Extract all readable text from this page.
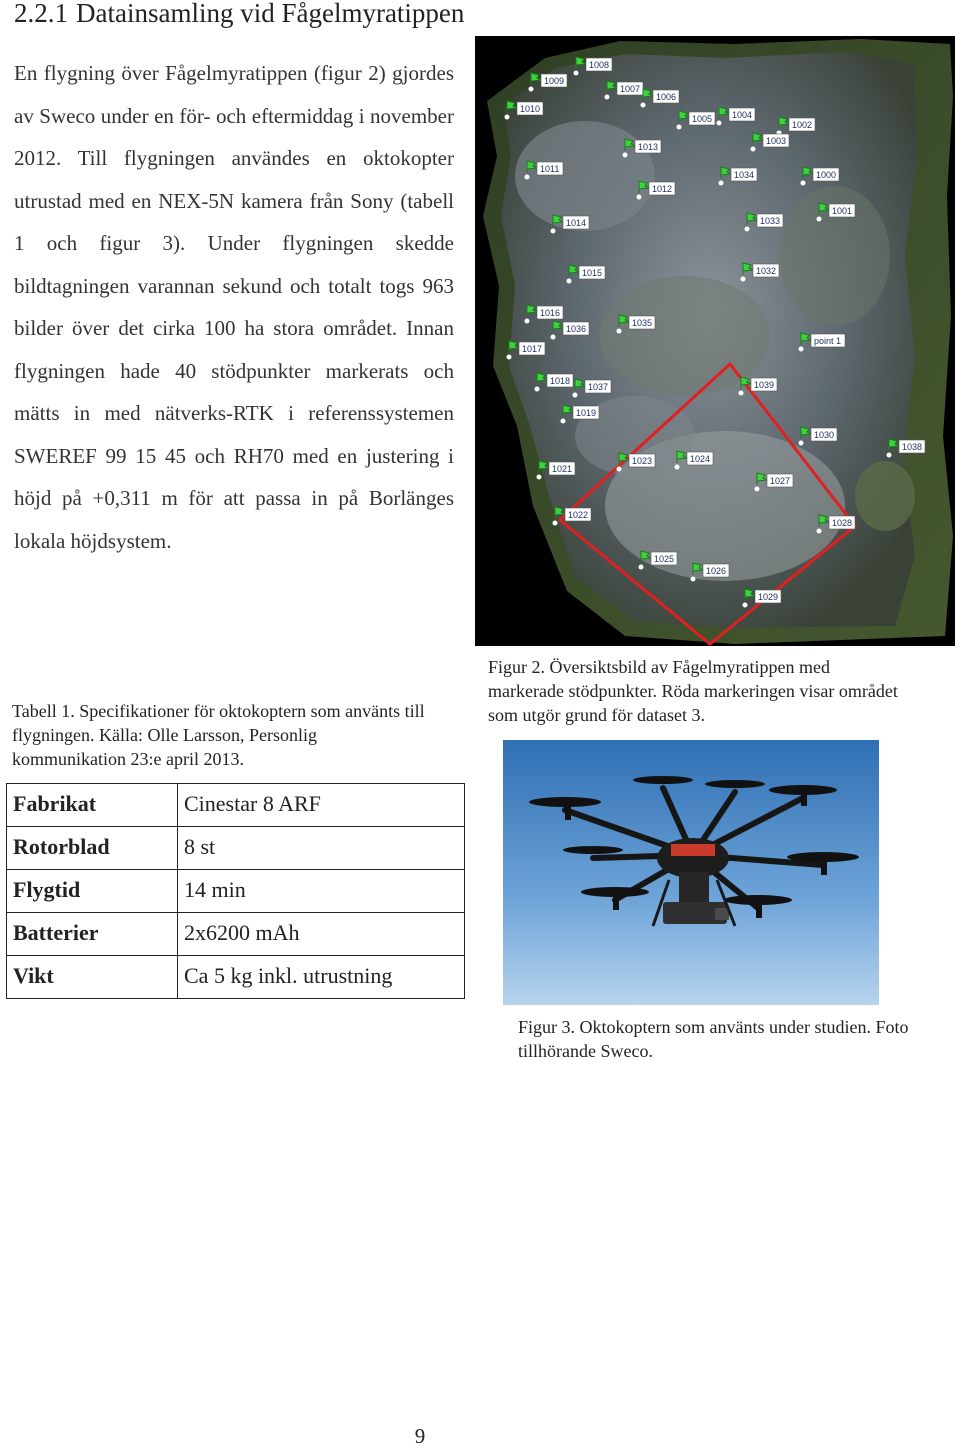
2.2.1 Datainsamling vid Fågelmyratippen

En flygning över Fågelmyratippen (figur 2) gjordes av Sweco under en för- och eftermiddag i november 2012. Till flygningen användes en oktokopter utrustad med en NEX-5N kamera från Sony (tabell 1 och figur 3). Under flygningen skedde bildtagningen varannan sekund och totalt togs 963 bilder över det cirka 100 ha stora området. Innan flygningen hade 40 stödpunkter markerats och mätts in med nätverks-RTK i referenssystemen SWEREF 99 15 45 och RH70 med en justering i höjd på +0,311 m för att passa in på Borlänges lokala höjdsystem.

1008
1009
1007
1006
1010
1005 1004
1002
1013
1003
1011
1034	1000
1012
1001
1014	1033
1015	1032
1016
1036
1035
point 1
1017
1018
1037	1039
1019
1030
1038
1021
1023	1024
1027
1022
1028
1025
1026
1029
Figur 2. Översiktsbild av Fågelmyratippen med markerade stödpunkter. Röda markeringen visar området som utgör grund för dataset 3.
Tabell 1. Specifikationer för oktokoptern som använts till flygningen. Källa: Olle Larsson, Personlig kommunikation 23:e april 2013.
Fabrikat	Cinestar 8 ARF
Rotorblad	8 st
Flygtid	14 min
Batterier	2x6200 mAh
Vikt	Ca 5 kg inkl. utrustning
Figur 3. Oktokoptern som använts under studien. Foto tillhörande Sweco.
9
